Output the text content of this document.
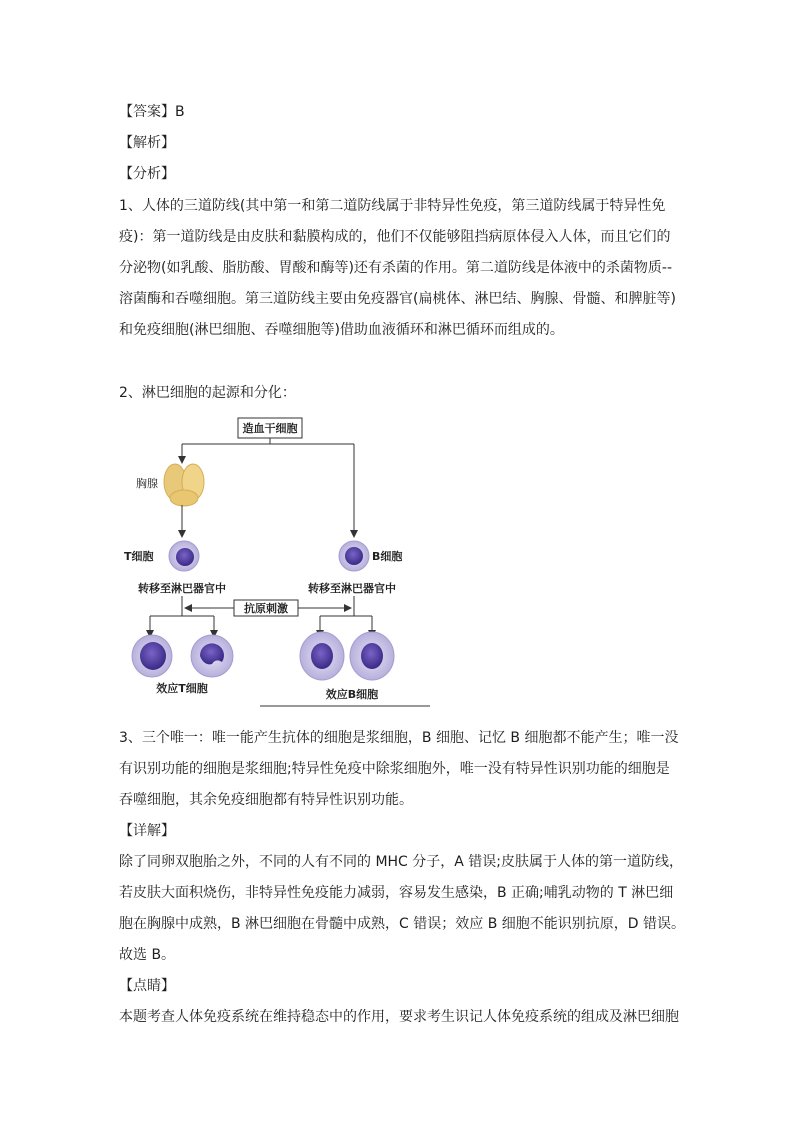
【答案】B
【解析】
【分析】
1、人体的三道防线(其中第一和第二道防线属于非特异性免疫，第三道防线属于特异性免
疫)：第一道防线是由皮肤和黏膜构成的，他们不仅能够阻挡病原体侵入人体，而且它们的
分泌物(如乳酸、脂肪酸、胃酸和酶等)还有杀菌的作用。第二道防线是体液中的杀菌物质--
溶菌酶和吞噬细胞。第三道防线主要由免疫器官(扁桃体、淋巴结、胸腺、骨髓、和脾脏等)
和免疫细胞(淋巴细胞、吞噬细胞等)借助血液循环和淋巴循环而组成的。
2、淋巴细胞的起源和分化：
造血干细胞
胸腺
T细胞	B细胞
转移至淋巴器官中	转移至淋巴器官中
抗原刺激
效应T细胞	效应B细胞
3、三个唯一：唯一能产生抗体的细胞是浆细胞，B 细胞、记忆 B 细胞都不能产生；唯一没
有识别功能的细胞是浆细胞;特异性免疫中除浆细胞外，唯一没有特异性识别功能的细胞是
吞噬细胞，其余免疫细胞都有特异性识别功能。
【详解】
除了同卵双胞胎之外，不同的人有不同的 MHC 分子，A 错误;皮肤属于人体的第一道防线，
若皮肤大面积烧伤，非特异性免疫能力减弱，容易发生感染，B 正确;哺乳动物的 T 淋巴细
胞在胸腺中成熟，B 淋巴细胞在骨髓中成熟，C 错误；效应 B 细胞不能识别抗原，D 错误。
故选 B。
【点睛】
本题考查人体免疫系统在维持稳态中的作用，要求考生识记人体免疫系统的组成及淋巴细胞
